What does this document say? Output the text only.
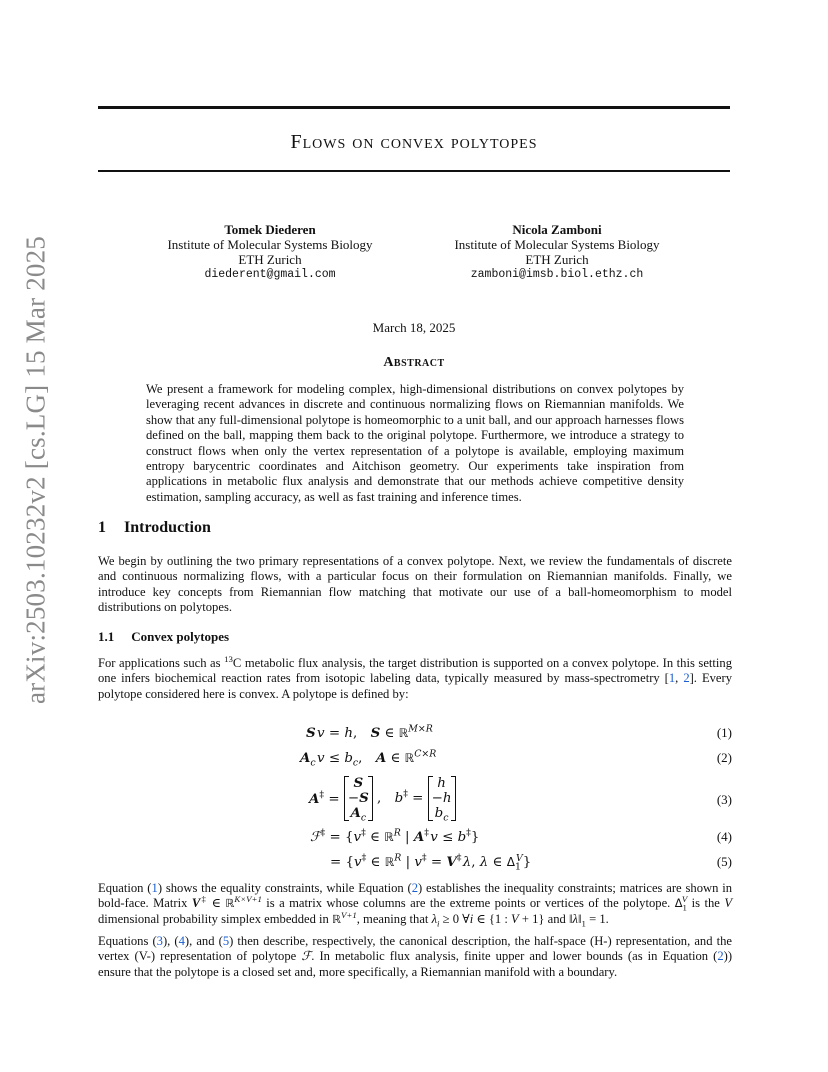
arXiv:2503.10232v2 [cs.LG] 15 Mar 2025
Flows on convex polytopes
Tomek Diederen
Institute of Molecular Systems Biology
ETH Zurich
diederent@gmail.com
Nicola Zamboni
Institute of Molecular Systems Biology
ETH Zurich
zamboni@imsb.biol.ethz.ch
March 18, 2025
Abstract
We present a framework for modeling complex, high-dimensional distributions on convex polytopes by leveraging recent advances in discrete and continuous normalizing flows on Riemannian manifolds. We show that any full-dimensional polytope is homeomorphic to a unit ball, and our approach harnesses flows defined on the ball, mapping them back to the original polytope. Furthermore, we introduce a strategy to construct flows when only the vertex representation of a polytope is available, employing maximum entropy barycentric coordinates and Aitchison geometry. Our experiments take inspiration from applications in metabolic flux analysis and demonstrate that our methods achieve competitive density estimation, sampling accuracy, as well as fast training and inference times.
1 Introduction
We begin by outlining the two primary representations of a convex polytope. Next, we review the fundamentals of discrete and continuous normalizing flows, with a particular focus on their formulation on Riemannian manifolds. Finally, we introduce key concepts from Riemannian flow matching that motivate our use of a ball-homeomorphism to model distributions on polytopes.
1.1 Convex polytopes
For applications such as $^{13}$C metabolic flux analysis, the target distribution is supported on a convex polytope. In this setting one infers biochemical reaction rates from isotopic labeling data, typically measured by mass-spectrometry [1, 2]. Every polytope considered here is convex. A polytope is defined by:
S v = h, S ∈ ℝ$^{M\times R}$	(1)
$A_c$ $v \le b_c$, A ∈ ℝ$^{C\times R}$	(2)
A‡ =
S
−S
$A_c$
, b‡ =
h
−h
$b_c$
(3)
ℱ‡ = {v‡ ∈ ℝ$^R$ | A‡ v ≤ b‡}	(4)
= {v‡ ∈ ℝ$^R$ | v‡ = V‡ λ, λ ∈ $\Delta_1^V$}	(5)
Equation (1) shows the equality constraints, while Equation (2) establishes the inequality constraints; matrices are shown in bold-face. Matrix V‡ ∈ ℝ$^{K\times V+1}$ is a matrix whose columns are the extreme points or vertices of the polytope. $\Delta_1^V$ is the V dimensional probability simplex embedded in ℝ$^{V+1}$, meaning that $\lambda_i \ge 0$ ∀i ∈ {1 : V + 1} and $‖\lambda‖_1 = 1$.
Equations (3), (4), and (5) then describe, respectively, the canonical description, the half-space (H-) representation, and the vertex (V-) representation of polytope ℱ. In metabolic flux analysis, finite upper and lower bounds (as in Equation (2)) ensure that the polytope is a closed set and, more specifically, a Riemannian manifold with a boundary.
